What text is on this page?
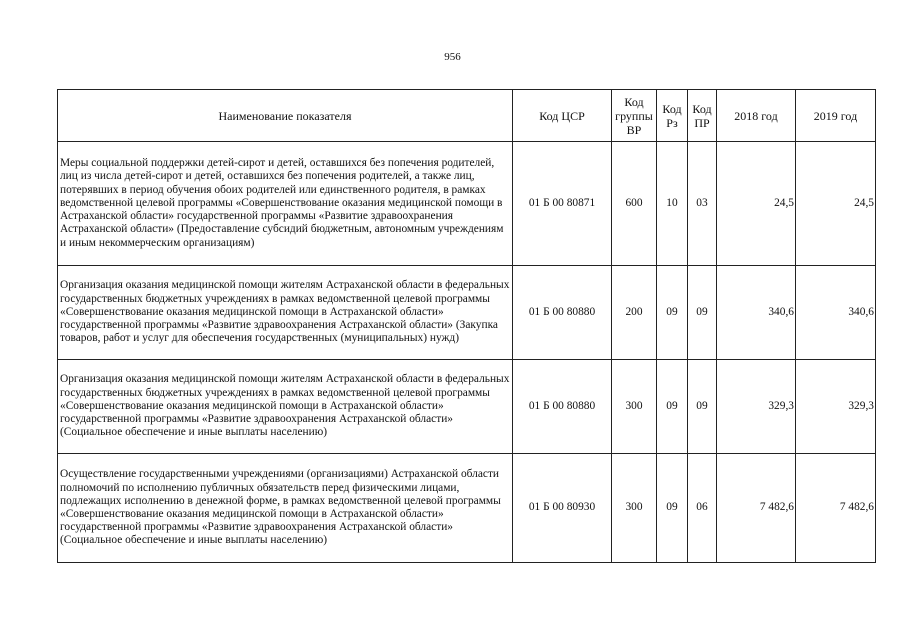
956
Наименование показателя	Код ЦСР	Код группы ВР	Код Рз	Код ПР	2018 год	2019 год
Меры социальной поддержки детей-сирот и детей, оставшихся без попечения родителей, лиц из числа детей-сирот и детей, оставшихся без попечения родителей, а также лиц, потерявших в период обучения обоих родителей или единственного родителя, в рамках ведомственной целевой программы «Совершенствование оказания медицинской помощи в Астраханской области» государственной программы «Развитие здравоохранения Астраханской области» (Предоставление субсидий бюджетным, автономным учреждениям и иным некоммерческим организациям)	01 Б 00 80871	600	10	03	24,5	24,5
Организация оказания медицинской помощи жителям Астраханской области в федеральных государственных бюджетных учреждениях в рамках ведомственной целевой программы «Совершенствование оказания медицинской помощи в Астраханской области» государственной программы «Развитие здравоохранения Астраханской области» (Закупка товаров, работ и услуг для обеспечения государственных (муниципальных) нужд)	01 Б 00 80880	200	09	09	340,6	340,6
Организация оказания медицинской помощи жителям Астраханской области в федеральных государственных бюджетных учреждениях в рамках ведомственной целевой программы «Совершенствование оказания медицинской помощи в Астраханской области» государственной программы «Развитие здравоохранения Астраханской области» (Социальное обеспечение и иные выплаты населению)	01 Б 00 80880	300	09	09	329,3	329,3
Осуществление государственными учреждениями (организациями) Астраханской области полномочий по исполнению публичных обязательств перед физическими лицами, подлежащих исполнению в денежной форме, в рамках ведомственной целевой программы «Совершенствование оказания медицинской помощи в Астраханской области» государственной программы «Развитие здравоохранения Астраханской области» (Социальное обеспечение и иные выплаты населению)	01 Б 00 80930	300	09	06	7 482,6	7 482,6
